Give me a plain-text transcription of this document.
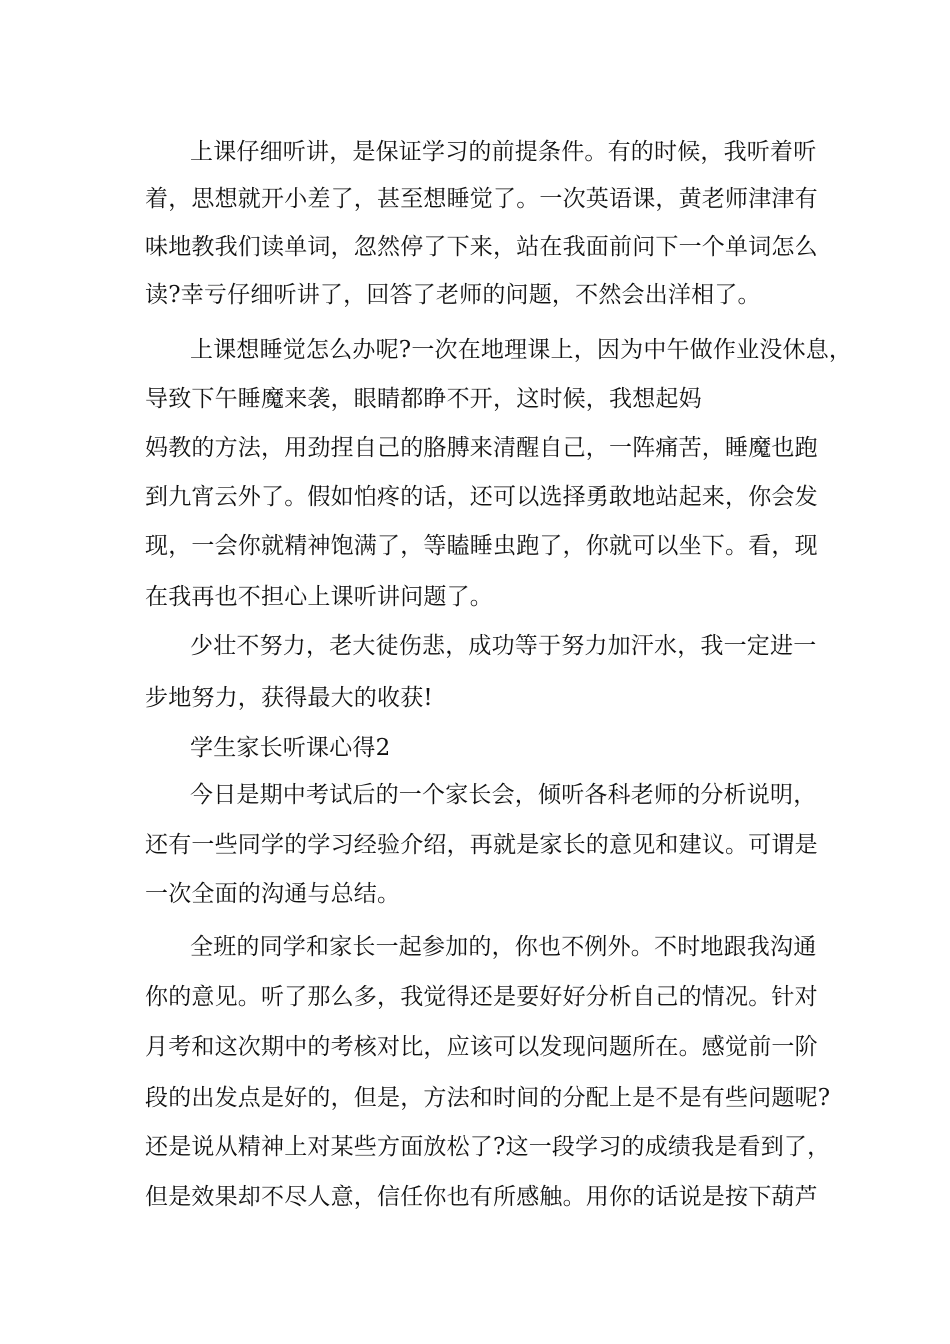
上课仔细听讲，是保证学习的前提条件。有的时候，我听着听
着，思想就开小差了，甚至想睡觉了。一次英语课，黄老师津津有
味地教我们读单词，忽然停了下来，站在我面前问下一个单词怎么
读?幸亏仔细听讲了，回答了老师的问题，不然会出洋相了。
上课想睡觉怎么办呢?一次在地理课上，因为中午做作业没休息，
导致下午睡魔来袭，眼睛都睁不开，这时候，我想起妈
妈教的方法，用劲捏自己的胳膊来清醒自己，一阵痛苦，睡魔也跑
到九宵云外了。假如怕疼的话，还可以选择勇敢地站起来，你会发
现，一会你就精神饱满了，等瞌睡虫跑了，你就可以坐下。看，现
在我再也不担心上课听讲问题了。
少壮不努力，老大徒伤悲，成功等于努力加汗水，我一定进一
步地努力，获得最大的收获!
学生家长听课心得2
今日是期中考试后的一个家长会，倾听各科老师的分析说明，
还有一些同学的学习经验介绍，再就是家长的意见和建议。可谓是
一次全面的沟通与总结。
全班的同学和家长一起参加的，你也不例外。不时地跟我沟通
你的意见。听了那么多，我觉得还是要好好分析自己的情况。针对
月考和这次期中的考核对比，应该可以发现问题所在。感觉前一阶
段的出发点是好的，但是，方法和时间的分配上是不是有些问题呢?
还是说从精神上对某些方面放松了?这一段学习的成绩我是看到了，
但是效果却不尽人意，信任你也有所感触。用你的话说是按下葫芦
